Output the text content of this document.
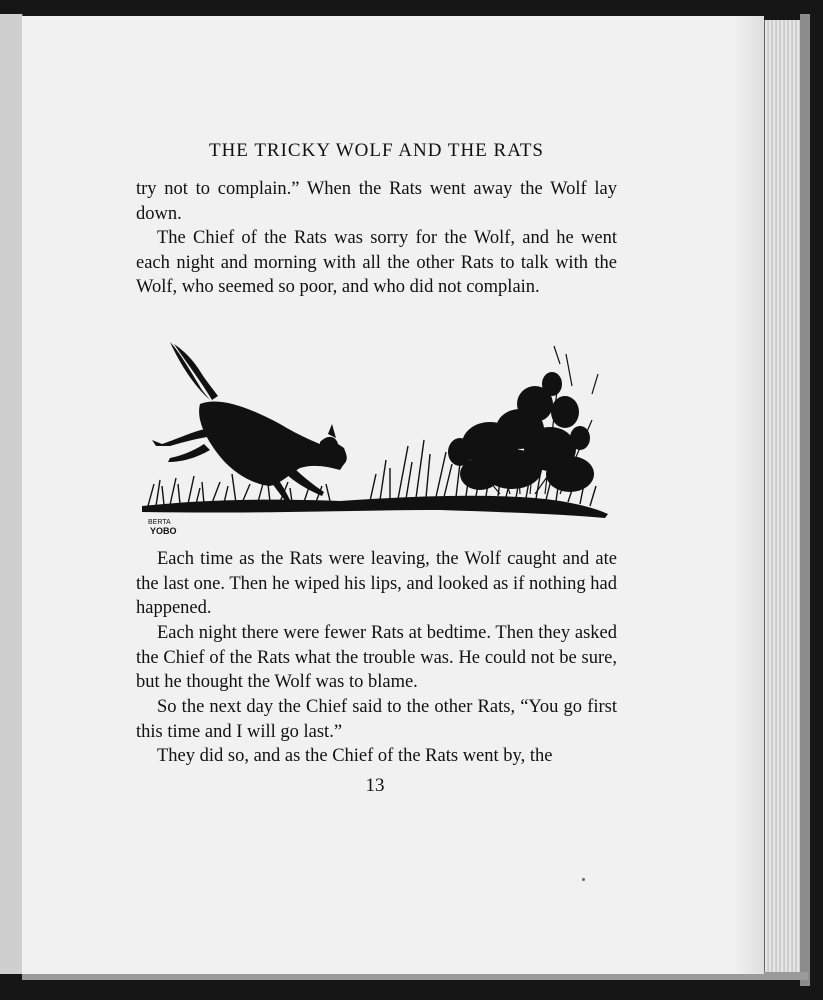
THE TRICKY WOLF AND THE RATS

try not to complain.” When the Rats went away the Wolf lay down.

The Chief of the Rats was sorry for the Wolf, and he went each night and morning with all the other Rats to talk with the Wolf, who seemed so poor, and who did not complain.

BERTA
YOBO

Each time as the Rats were leaving, the Wolf caught and ate the last one. Then he wiped his lips, and looked as if nothing had happened.

Each night there were fewer Rats at bedtime. Then they asked the Chief of the Rats what the trouble was. He could not be sure, but he thought the Wolf was to blame.

So the next day the Chief said to the other Rats, “You go first this time and I will go last.”

They did so, and as the Chief of the Rats went by, the

13
